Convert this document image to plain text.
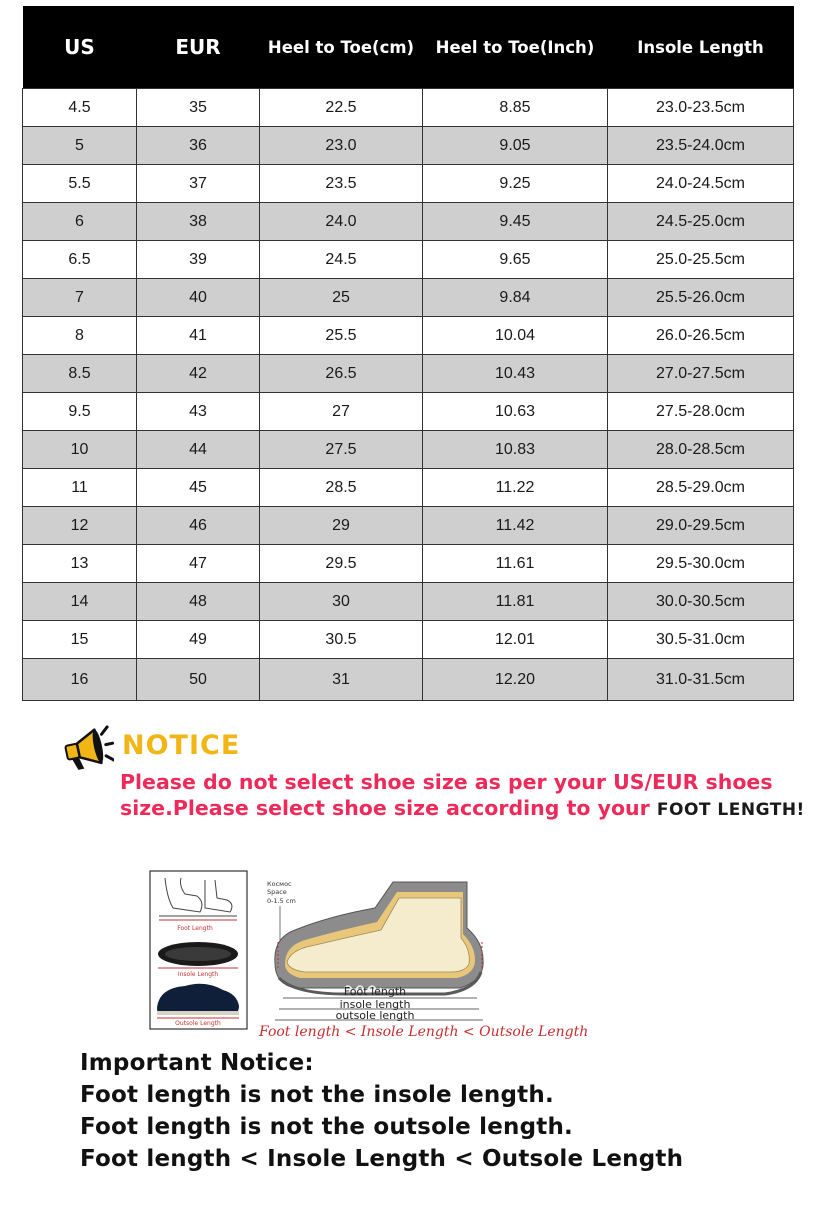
US	EUR	Heel to Toe(cm)	Heel to Toe(Inch)	Insole Length
4.5	35	22.5	8.85	23.0-23.5cm
5	36	23.0	9.05	23.5-24.0cm
5.5	37	23.5	9.25	24.0-24.5cm
6	38	24.0	9.45	24.5-25.0cm
6.5	39	24.5	9.65	25.0-25.5cm
7	40	25	9.84	25.5-26.0cm
8	41	25.5	10.04	26.0-26.5cm
8.5	42	26.5	10.43	27.0-27.5cm
9.5	43	27	10.63	27.5-28.0cm
10	44	27.5	10.83	28.0-28.5cm
11	45	28.5	11.22	28.5-29.0cm
12	46	29	11.42	29.0-29.5cm
13	47	29.5	11.61	29.5-30.0cm
14	48	30	11.81	30.0-30.5cm
15	49	30.5	12.01	30.5-31.0cm
16	50	31	12.20	31.0-31.5cm
NOTICE
Please do not select shoe size as per your US/EUR shoes
size.Please select shoe size according to your FOOT LENGTH!
Foot Length
Insole Length
Outsole Length
Космос
Space
0-1.5 cm
Foot length
insole length
outsole length
Foot length < Insole Length < Outsole Length
Important Notice:
Foot length is not the insole length.
Foot length is not the outsole length.
Foot length < Insole Length < Outsole Length
